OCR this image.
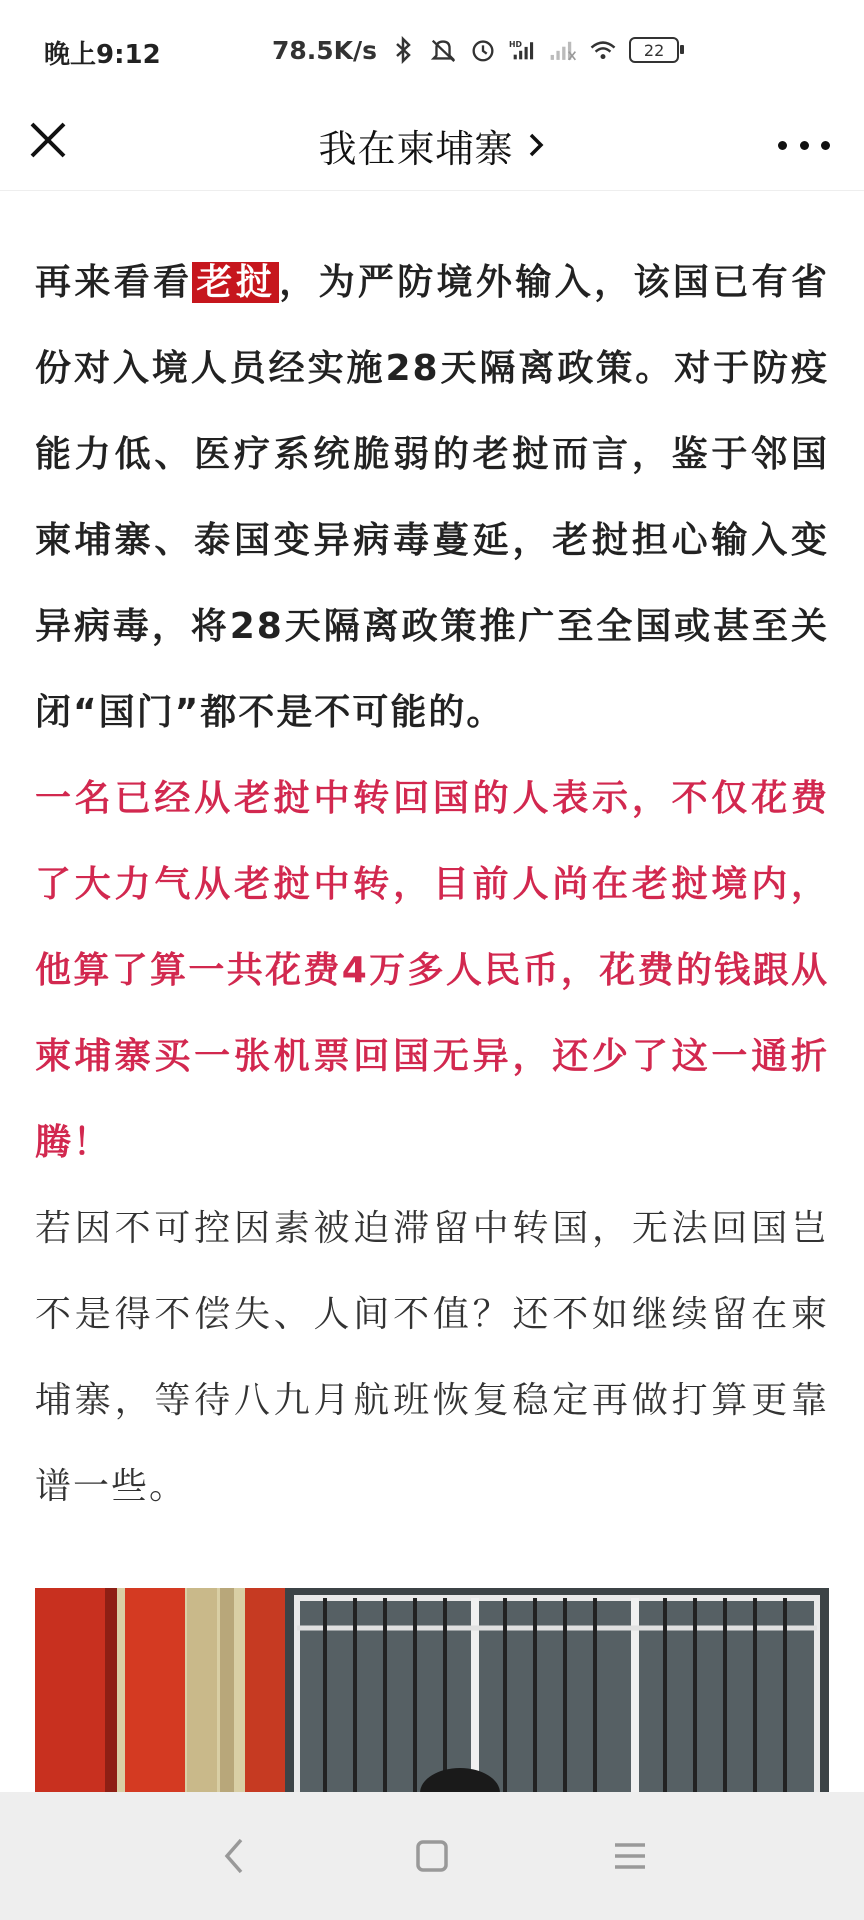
晚上9:12	78.5K/s	HD	22
我在柬埔寨

再来看看 老挝 ，为严防境外输入，该国已有省份对入境人员经实施28天隔离政策。对于防疫能力低、医疗系统脆弱的老挝而言，鉴于邻国柬埔寨、泰国变异病毒蔓延，老挝担心输入变异病毒，将28天隔离政策推广至全国或甚至关闭“国门”都不是不可能的。

一名已经从老挝中转回国的人表示，不仅花费了大力气从老挝中转，目前人尚在老挝境内，他算了算一共花费4万多人民币，花费的钱跟从柬埔寨买一张机票回国无异，还少了这一通折腾！

若因不可控因素被迫滞留中转国，无法回国岂不是得不偿失、人间不值？还不如继续留在柬埔寨，等待八九月航班恢复稳定再做打算更靠谱一些。
